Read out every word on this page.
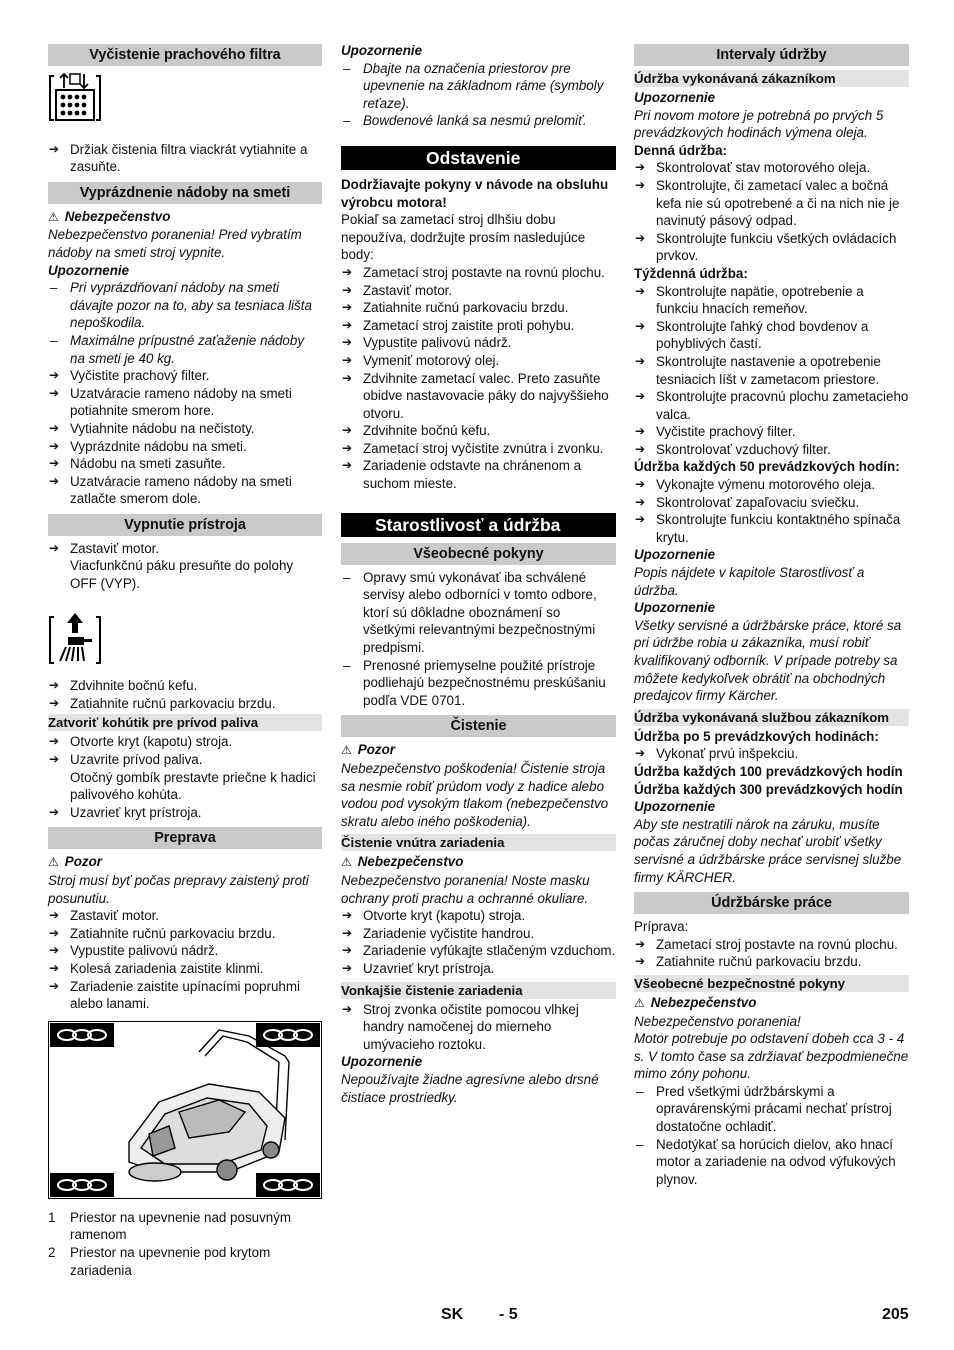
Vyčistenie prachového filtra

➔ Držiak čistenia filtra viackrát vytiahnite a zasuňte.

Vyprázdnenie nádoby na smeti

⚠ Nebezpečenstvo

Nebezpečenstvo poranenia! Pred vybratím nádoby na smeti stroj vypnite.

Upozornenie

– Pri vyprázdňovaní nádoby na smeti dávajte pozor na to, aby sa tesniaca lišta nepoškodila.

– Maximálne prípustné zaťaženie nádoby na smeti je 40 kg.

➔ Vyčistite prachový filter.

➔ Uzatváracie rameno nádoby na smeti potiahnite smerom hore.

➔ Vytiahnite nádobu na nečistoty.

➔ Vyprázdnite nádobu na smeti.

➔ Nádobu na smeti zasuňte.

➔ Uzatváracie rameno nádoby na smeti zatlačte smerom dole.

Vypnutie prístroja

➔ Zastaviť motor.

Viacfunkčnú páku presuňte do polohy OFF (VYP).

➔ Zdvihnite bočnú kefu.

➔ Zatiahnite ručnú parkovaciu brzdu.

Zatvoriť kohútik pre prívod paliva

➔ Otvorte kryt (kapotu) stroja.

➔ Uzavrite prívod paliva.

Otočný gombík prestavte priečne k hadici palivového kohúta.

➔ Uzavrieť kryt prístroja.

Preprava

⚠ Pozor

Stroj musí byť počas prepravy zaistený proti posunutiu.

➔ Zastaviť motor.

➔ Zatiahnite ručnú parkovaciu brzdu.

➔ Vypustite palivovú nádrž.

➔ Kolesá zariadenia zaistite klinmi.

➔ Zariadenie zaistite upínacími popruhmi alebo lanami.

1 Priestor na upevnenie nad posuvným ramenom

2 Priestor na upevnenie pod krytom zariadenia

Upozornenie

– Dbajte na označenia priestorov pre upevnenie na základnom ráme (symboly reťaze).

– Bowdenové lanká sa nesmú prelomiť.

Odstavenie

Dodržiavajte pokyny v návode na obsluhu výrobcu motora!

Pokiaľ sa zametací stroj dlhšiu dobu nepoužíva, dodržujte prosím nasledujúce body:

➔ Zametací stroj postavte na rovnú plochu.

➔ Zastaviť motor.

➔ Zatiahnite ručnú parkovaciu brzdu.

➔ Zametací stroj zaistite proti pohybu.

➔ Vypustite palivovú nádrž.

➔ Vymeniť motorový olej.

➔ Zdvihnite zametací valec. Preto zasuňte obidve nastavovacie páky do najvyššieho otvoru.

➔ Zdvihnite bočnú kefu.

➔ Zametací stroj vyčistite zvnútra i zvonku.

➔ Zariadenie odstavte na chránenom a suchom mieste.

Starostlivosť a údržba
Všeobecné pokyny

– Opravy smú vykonávať iba schválené servisy alebo odborníci v tomto odbore, ktorí sú dôkladne oboznámení so všetkými relevantnými bezpečnostnými predpismi.

– Prenosné priemyselne použité prístroje podliehajú bezpečnostnému preskúšaniu podľa VDE 0701.

Čistenie

⚠ Pozor

Nebezpečenstvo poškodenia! Čistenie stroja sa nesmie robiť prúdom vody z hadice alebo vodou pod vysokým tlakom (nebezpečenstvo skratu alebo iného poškodenia).

Čistenie vnútra zariadenia

⚠ Nebezpečenstvo

Nebezpečenstvo poranenia! Noste masku ochrany proti prachu a ochranné okuliare.

➔ Otvorte kryt (kapotu) stroja.

➔ Zariadenie vyčistite handrou.

➔ Zariadenie vyfúkajte stlačeným vzduchom.

➔ Uzavrieť kryt prístroja.

Vonkajšie čistenie zariadenia

➔ Stroj zvonka očistite pomocou vlhkej handry namočenej do mierneho umývacieho roztoku.

Upozornenie

Nepoužívajte žiadne agresívne alebo drsné čistiace prostriedky.

Intervaly údržby
Údržba vykonávaná zákazníkom

Upozornenie

Pri novom motore je potrebná po prvých 5 prevádzkových hodinách výmena oleja.

Denná údržba:

➔ Skontrolovať stav motorového oleja.

➔ Skontrolujte, či zametací valec a bočná kefa nie sú opotrebené a či na nich nie je navinutý pásový odpad.

➔ Skontrolujte funkciu všetkých ovládacích prvkov.

Týždenná údržba:

➔ Skontrolujte napätie, opotrebenie a funkciu hnacích remeňov.

➔ Skontrolujte ľahký chod bovdenov a pohyblivých častí.

➔ Skontrolujte nastavenie a opotrebenie tesniacich líšt v zametacom priestore.

➔ Skontrolujte pracovnú plochu zametacieho valca.

➔ Vyčistite prachový filter.

➔ Skontrolovať vzduchový filter.

Údržba každých 50 prevádzkových hodín:

➔ Vykonajte výmenu motorového oleja.

➔ Skontrolovať zapaľovaciu sviečku.

➔ Skontrolujte funkciu kontaktného spínača krytu.

Upozornenie

Popis nájdete v kapitole Starostlivosť a údržba.

Upozornenie

Všetky servisné a údržbárske práce, ktoré sa pri údržbe robia u zákazníka, musí robiť kvalifikovaný odborník. V prípade potreby sa môžete kedykoľvek obrátiť na obchodných predajcov firmy Kärcher.

Údržba vykonávaná službou zákazníkom

Údržba po 5 prevádzkových hodinách:

➔ Vykonať prvú inšpekciu.

Údržba každých 100 prevádzkových hodín

Údržba každých 300 prevádzkových hodín

Upozornenie

Aby ste nestratili nárok na záruku, musíte počas záručnej doby nechať urobiť všetky servisné a údržbárske práce servisnej službe firmy KÄRCHER.

Údržbárske práce

Príprava:

➔ Zametací stroj postavte na rovnú plochu.

➔ Zatiahnite ručnú parkovaciu brzdu.

Všeobecné bezpečnostné pokyny

⚠ Nebezpečenstvo

Nebezpečenstvo poranenia!

Motor potrebuje po odstavení dobeh cca 3 - 4 s. V tomto čase sa zdržiavať bezpodmienečne mimo zóny pohonu.

– Pred všetkými údržbárskymi a opravárenskými prácami nechať prístroj dostatočne ochladiť.

– Nedotýkať sa horúcich dielov, ako hnací motor a zariadenie na odvod výfukových plynov.

SK - 5	205
